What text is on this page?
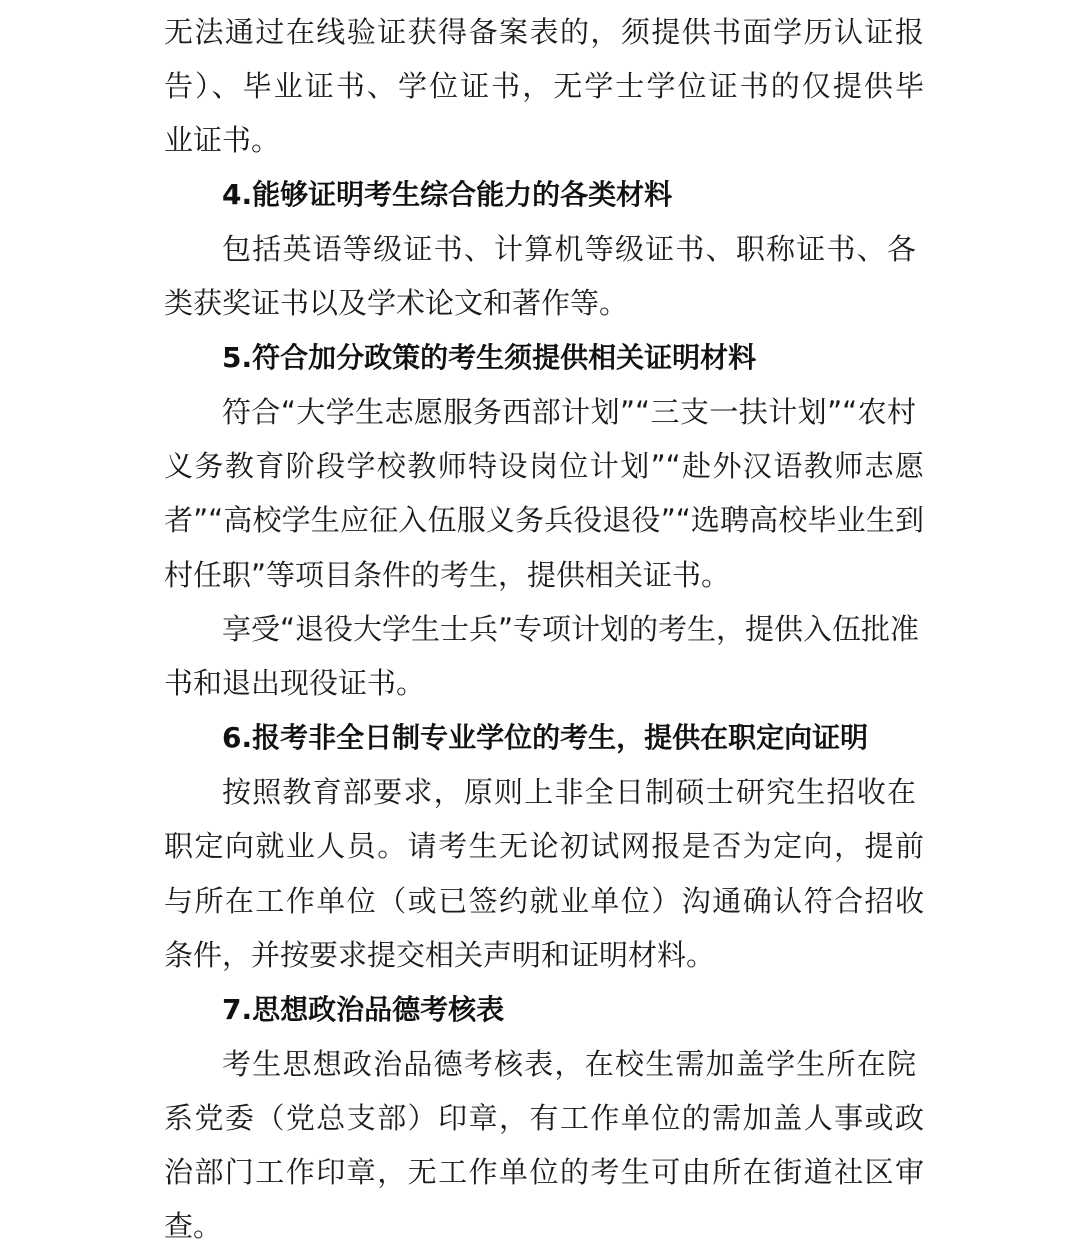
无法通过在线验证获得备案表的，须提供书面学历认证报
告）、毕业证书、学位证书，无学士学位证书的仅提供毕
业证书。
4.能够证明考生综合能力的各类材料
包括英语等级证书、计算机等级证书、职称证书、各
类获奖证书以及学术论文和著作等。
5.符合加分政策的考生须提供相关证明材料
符合“大学生志愿服务西部计划”“三支一扶计划”“农村
义务教育阶段学校教师特设岗位计划”“赴外汉语教师志愿
者”“高校学生应征入伍服义务兵役退役”“选聘高校毕业生到
村任职”等项目条件的考生，提供相关证书。
享受“退役大学生士兵”专项计划的考生，提供入伍批准
书和退出现役证书。
6.报考非全日制专业学位的考生，提供在职定向证明
按照教育部要求，原则上非全日制硕士研究生招收在
职定向就业人员。请考生无论初试网报是否为定向，提前
与所在工作单位（或已签约就业单位）沟通确认符合招收
条件，并按要求提交相关声明和证明材料。
7.思想政治品德考核表
考生思想政治品德考核表，在校生需加盖学生所在院
系党委（党总支部）印章，有工作单位的需加盖人事或政
治部门工作印章，无工作单位的考生可由所在街道社区审
查。
